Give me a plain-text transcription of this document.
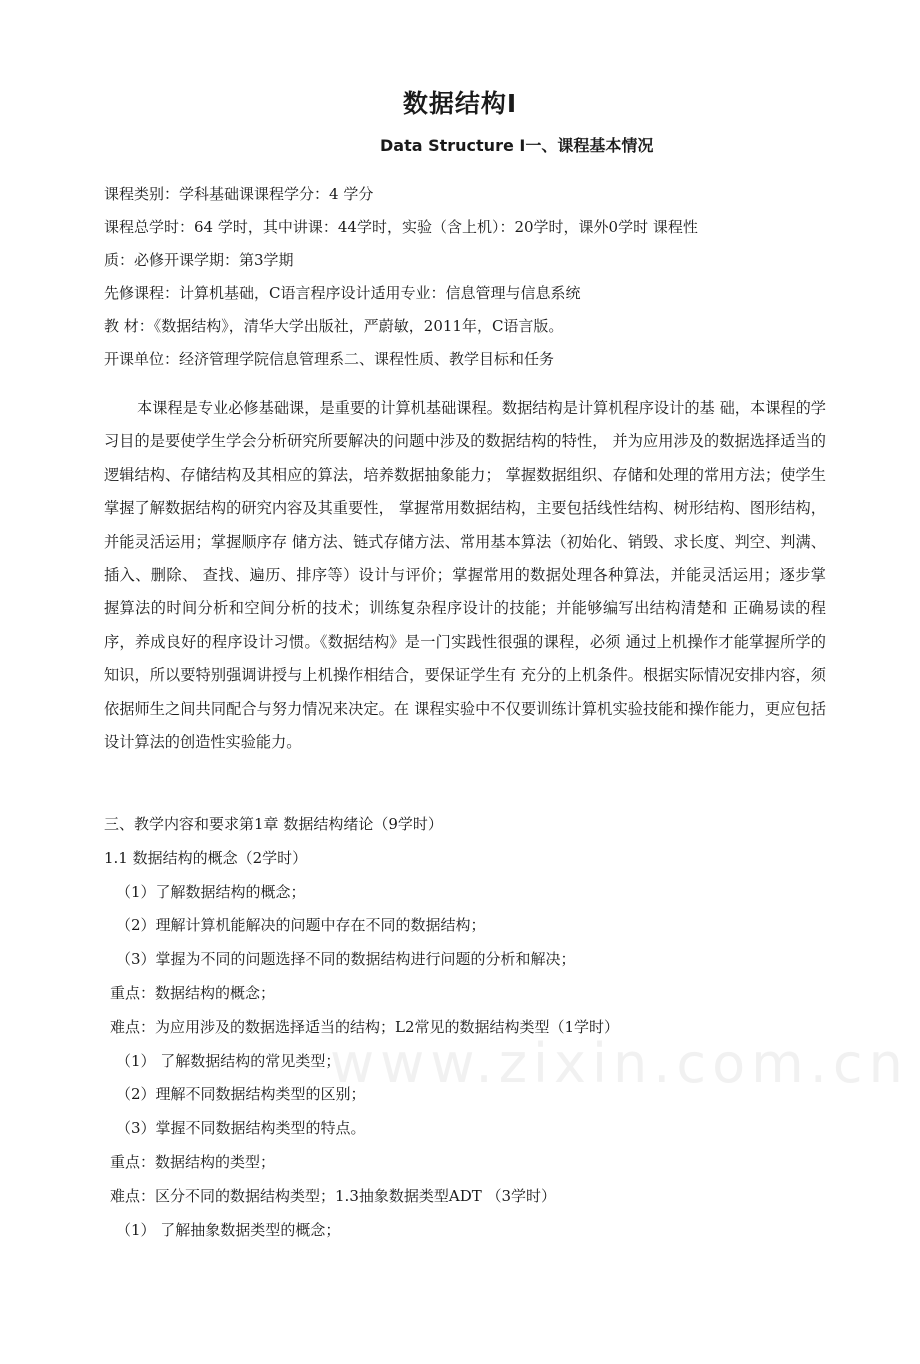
数据结构Ⅰ
Data Structure I一、课程基本情况
课程类别：学科基础课课程学分：4 学分
课程总学时：64 学时，其中讲课：44学时，实验（含上机）：20学时，课外0学时 课程性
质：必修开课学期：第3学期
先修课程：计算机基础，C语言程序设计适用专业：信息管理与信息系统
教 材：《数据结构》，清华大学出版社，严蔚敏，2011年，C语言版。
开课单位：经济管理学院信息管理系二、课程性质、教学目标和任务
本课程是专业必修基础课，是重要的计算机基础课程。数据结构是计算机程序设计的基 础，本课程的学习目的是要使学生学会分析研究所要解决的问题中涉及的数据结构的特性， 并为应用涉及的数据选择适当的逻辑结构、存储结构及其相应的算法，培养数据抽象能力； 掌握数据组织、存储和处理的常用方法；使学生掌握了解数据结构的研究内容及其重要性， 掌握常用数据结构，主要包括线性结构、树形结构、图形结构，并能灵活运用；掌握顺序存 储方法、链式存储方法、常用基本算法（初始化、销毁、求长度、判空、判满、插入、删除、 查找、遍历、排序等）设计与评价；掌握常用的数据处理各种算法，并能灵活运用；逐步掌 握算法的时间分析和空间分析的技术；训练复杂程序设计的技能；并能够编写出结构清楚和 正确易读的程序，养成良好的程序设计习惯。《数据结构》是一门实践性很强的课程，必须 通过上机操作才能掌握所学的知识，所以要特别强调讲授与上机操作相结合，要保证学生有 充分的上机条件。根据实际情况安排内容，须依据师生之间共同配合与努力情况来决定。在 课程实验中不仅要训练计算机实验技能和操作能力，更应包括设计算法的创造性实验能力。
三、教学内容和要求第1章 数据结构绪论（9学时）
1.1 数据结构的概念（2学时）
（1）了解数据结构的概念；
（2）理解计算机能解决的问题中存在不同的数据结构；
（3）掌握为不同的问题选择不同的数据结构进行问题的分析和解决；
重点：数据结构的概念；
难点：为应用涉及的数据选择适当的结构；L2常见的数据结构类型（1学时）
（1） 了解数据结构的常见类型；
（2）理解不同数据结构类型的区别；
（3）掌握不同数据结构类型的特点。
重点：数据结构的类型；
难点：区分不同的数据结构类型；1.3抽象数据类型ADT （3学时）
（1） 了解抽象数据类型的概念；
www.zixin.com.cn
